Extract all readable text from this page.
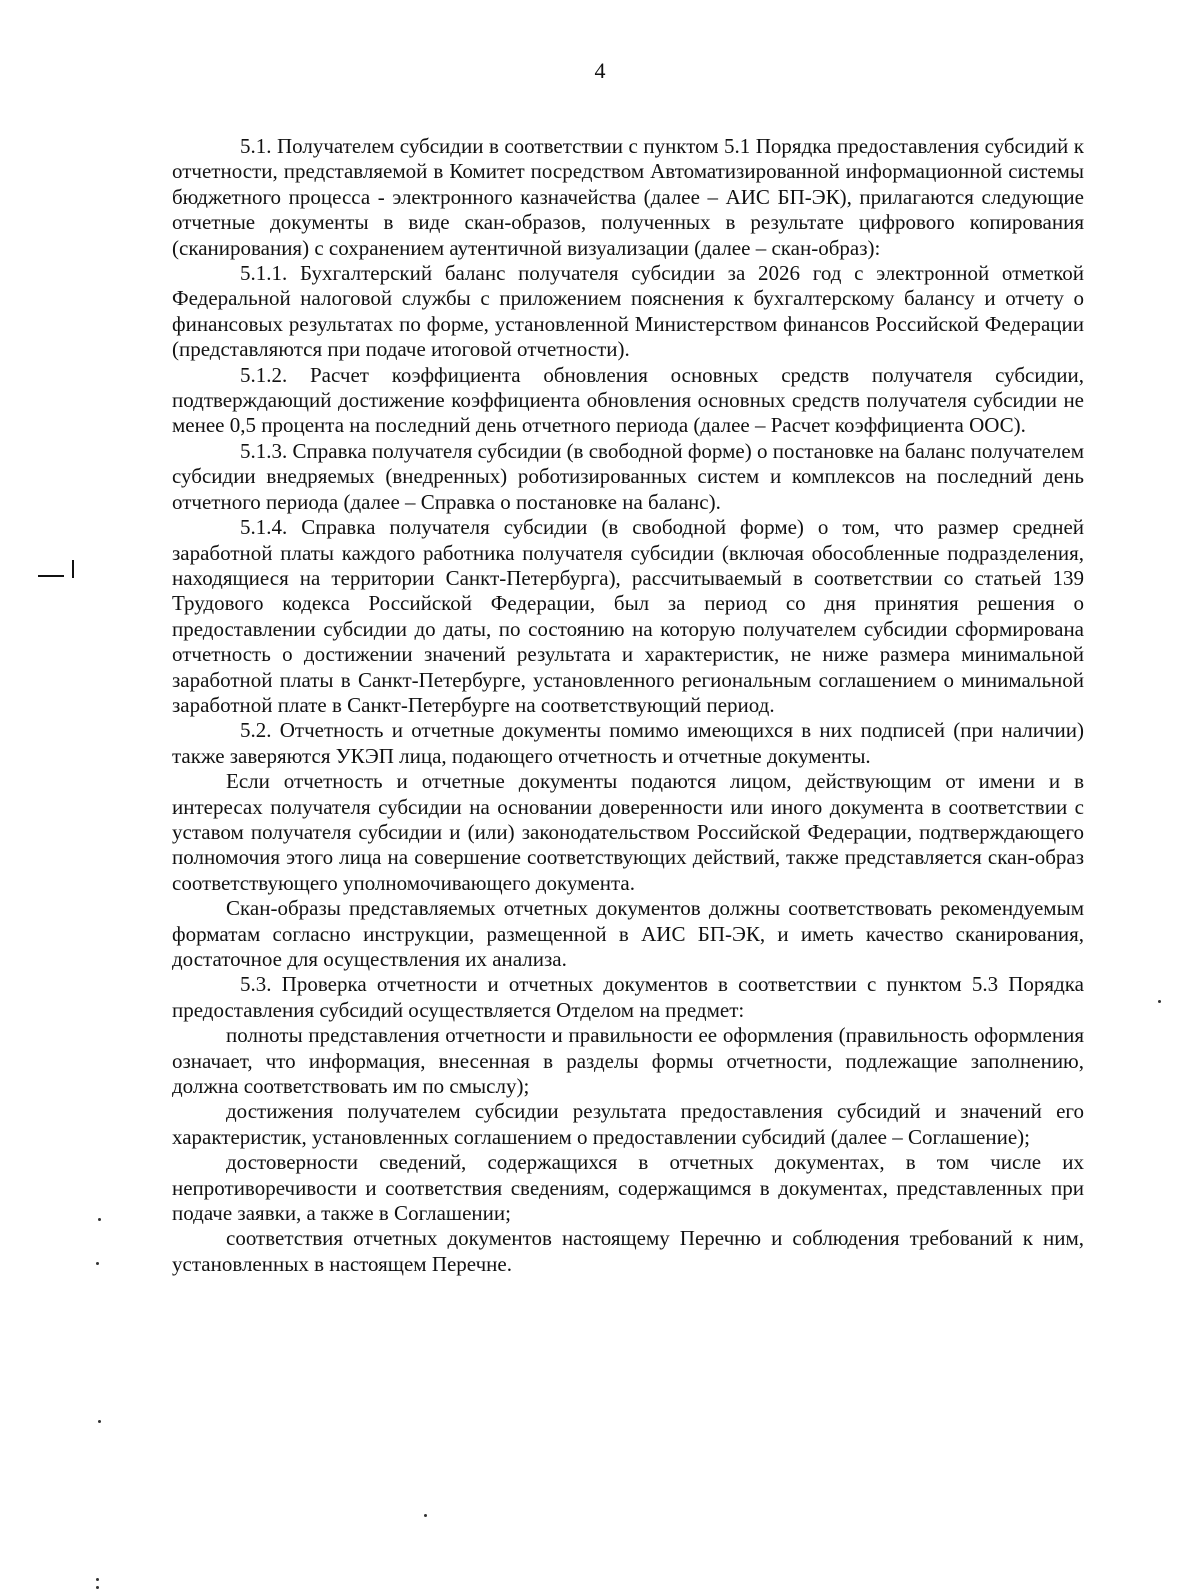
4

5.1. Получателем субсидии в соответствии с пунктом 5.1 Порядка предоставления субсидий к отчетности, представляемой в Комитет посредством Автоматизированной информационной системы бюджетного процесса - электронного казначейства (далее – АИС БП-ЭК), прилагаются следующие отчетные документы в виде скан-образов, полученных в результате цифрового копирования (сканирования) с сохранением аутентичной визуализации (далее – скан-образ):

5.1.1. Бухгалтерский баланс получателя субсидии за 2026 год с электронной отметкой Федеральной налоговой службы с приложением пояснения к бухгалтерскому балансу и отчету о финансовых результатах по форме, установленной Министерством финансов Российской Федерации (представляются при подаче итоговой отчетности).

5.1.2. Расчет коэффициента обновления основных средств получателя субсидии, подтверждающий достижение коэффициента обновления основных средств получателя субсидии не менее 0,5 процента на последний день отчетного периода (далее – Расчет коэффициента ООС).

5.1.3. Справка получателя субсидии (в свободной форме) о постановке на баланс получателем субсидии внедряемых (внедренных) роботизированных систем и комплексов на последний день отчетного периода (далее – Справка о постановке на баланс).

5.1.4. Справка получателя субсидии (в свободной форме) о том, что размер средней заработной платы каждого работника получателя субсидии (включая обособленные подразделения, находящиеся на территории Санкт-Петербурга), рассчитываемый в соответствии со статьей 139 Трудового кодекса Российской Федерации, был за период со дня принятия решения о предоставлении субсидии до даты, по состоянию на которую получателем субсидии сформирована отчетность о достижении значений результата и характеристик, не ниже размера минимальной заработной платы в Санкт-Петербурге, установленного региональным соглашением о минимальной заработной плате в Санкт-Петербурге на соответствующий период.

5.2. Отчетность и отчетные документы помимо имеющихся в них подписей (при наличии) также заверяются УКЭП лица, подающего отчетность и отчетные документы.

Если отчетность и отчетные документы подаются лицом, действующим от имени и в интересах получателя субсидии на основании доверенности или иного документа в соответствии с уставом получателя субсидии и (или) законодательством Российской Федерации, подтверждающего полномочия этого лица на совершение соответствующих действий, также представляется скан-образ соответствующего уполномочивающего документа.

Скан-образы представляемых отчетных документов должны соответствовать рекомендуемым форматам согласно инструкции, размещенной в АИС БП-ЭК, и иметь качество сканирования, достаточное для осуществления их анализа.

5.3. Проверка отчетности и отчетных документов в соответствии с пунктом 5.3 Порядка предоставления субсидий осуществляется Отделом на предмет:

полноты представления отчетности и правильности ее оформления (правильность оформления означает, что информация, внесенная в разделы формы отчетности, подлежащие заполнению, должна соответствовать им по смыслу);

достижения получателем субсидии результата предоставления субсидий и значений его характеристик, установленных соглашением о предоставлении субсидий (далее – Соглашение);

достоверности сведений, содержащихся в отчетных документах, в том числе их непротиворечивости и соответствия сведениям, содержащимся в документах, представленных при подаче заявки, а также в Соглашении;

соответствия отчетных документов настоящему Перечню и соблюдения требований к ним, установленных в настоящем Перечне.
